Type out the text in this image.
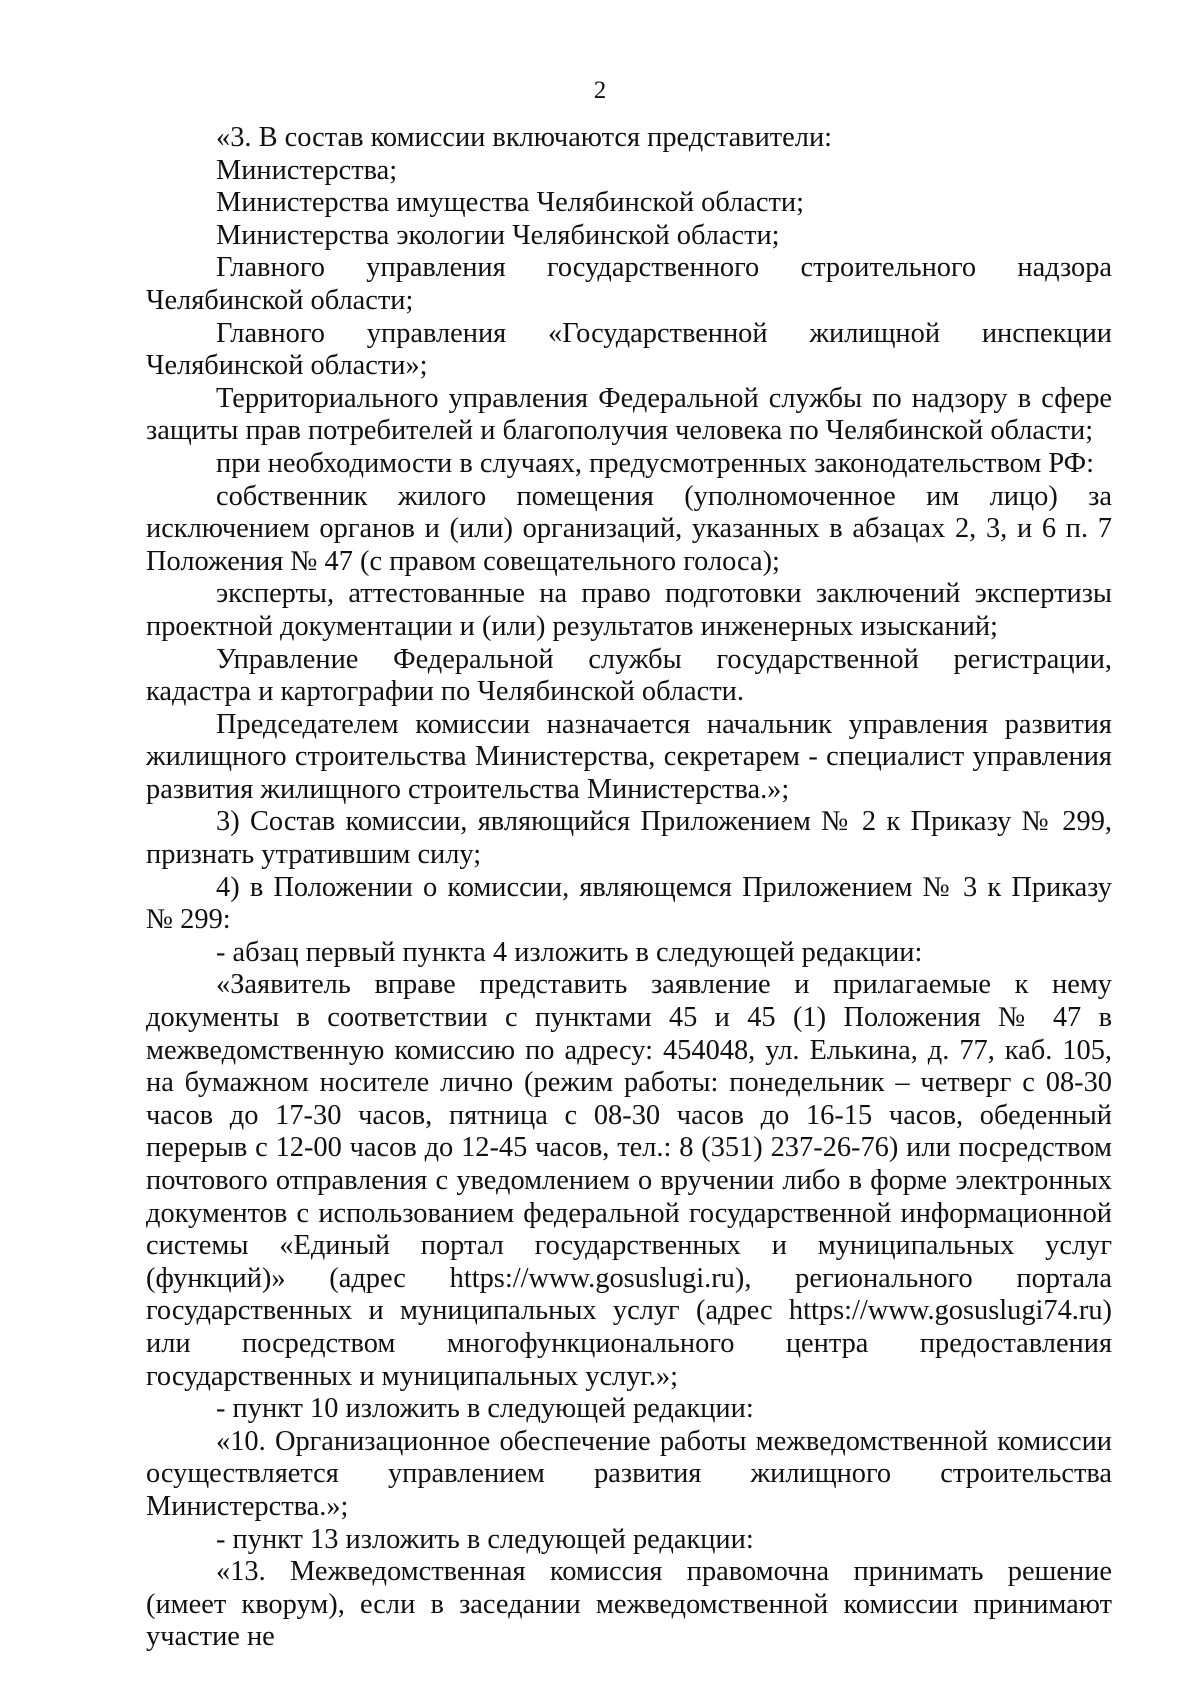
2

«3. В состав комиссии включаются представители:

Министерства;

Министерства имущества Челябинской области;

Министерства экологии Челябинской области;

Главного управления государственного строительного надзора Челябинской области;

Главного управления «Государственной жилищной инспекции Челябинской области»;

Территориального управления Федеральной службы по надзору в сфере защиты прав потребителей и благополучия человека по Челябинской области;

при необходимости в случаях, предусмотренных законодательством РФ:

собственник жилого помещения (уполномоченное им лицо) за исключением органов и (или) организаций, указанных в абзацах 2, 3, и 6 п. 7 Положения № 47 (с правом совещательного голоса);

эксперты, аттестованные на право подготовки заключений экспертизы проектной документации и (или) результатов инженерных изысканий;

Управление Федеральной службы государственной регистрации, кадастра и картографии по Челябинской области.

Председателем комиссии назначается начальник управления развития жилищного строительства Министерства, секретарем - специалист управления развития жилищного строительства Министерства.»;

3) Состав комиссии, являющийся Приложением № 2 к Приказу № 299, признать утратившим силу;

4) в Положении о комиссии, являющемся Приложением № 3 к Приказу № 299:

- абзац первый пункта 4 изложить в следующей редакции:

«Заявитель вправе представить заявление и прилагаемые к нему документы в соответствии с пунктами 45 и 45 (1) Положения № 47 в межведомственную комиссию по адресу: 454048, ул. Елькина, д. 77, каб. 105, на бумажном носителе лично (режим работы: понедельник – четверг с 08-30 часов до 17-30 часов, пятница с 08-30 часов до 16-15 часов, обеденный перерыв с 12-00 часов до 12-45 часов, тел.: 8 (351) 237-26-76) или посредством почтового отправления с уведомлением о вручении либо в форме электронных документов с использованием федеральной государственной информационной системы «Единый портал государственных и муниципальных услуг (функций)» (адрес https://www.gosuslugi.ru), регионального портала государственных и муниципальных услуг (адрес https://www.gosuslugi74.ru) или посредством многофункционального центра предоставления государственных и муниципальных услуг.»;

- пункт 10 изложить в следующей редакции:

«10. Организационное обеспечение работы межведомственной комиссии осуществляется управлением развития жилищного строительства Министерства.»;

- пункт 13 изложить в следующей редакции:

«13. Межведомственная комиссия правомочна принимать решение (имеет кворум), если в заседании межведомственной комиссии принимают участие не
